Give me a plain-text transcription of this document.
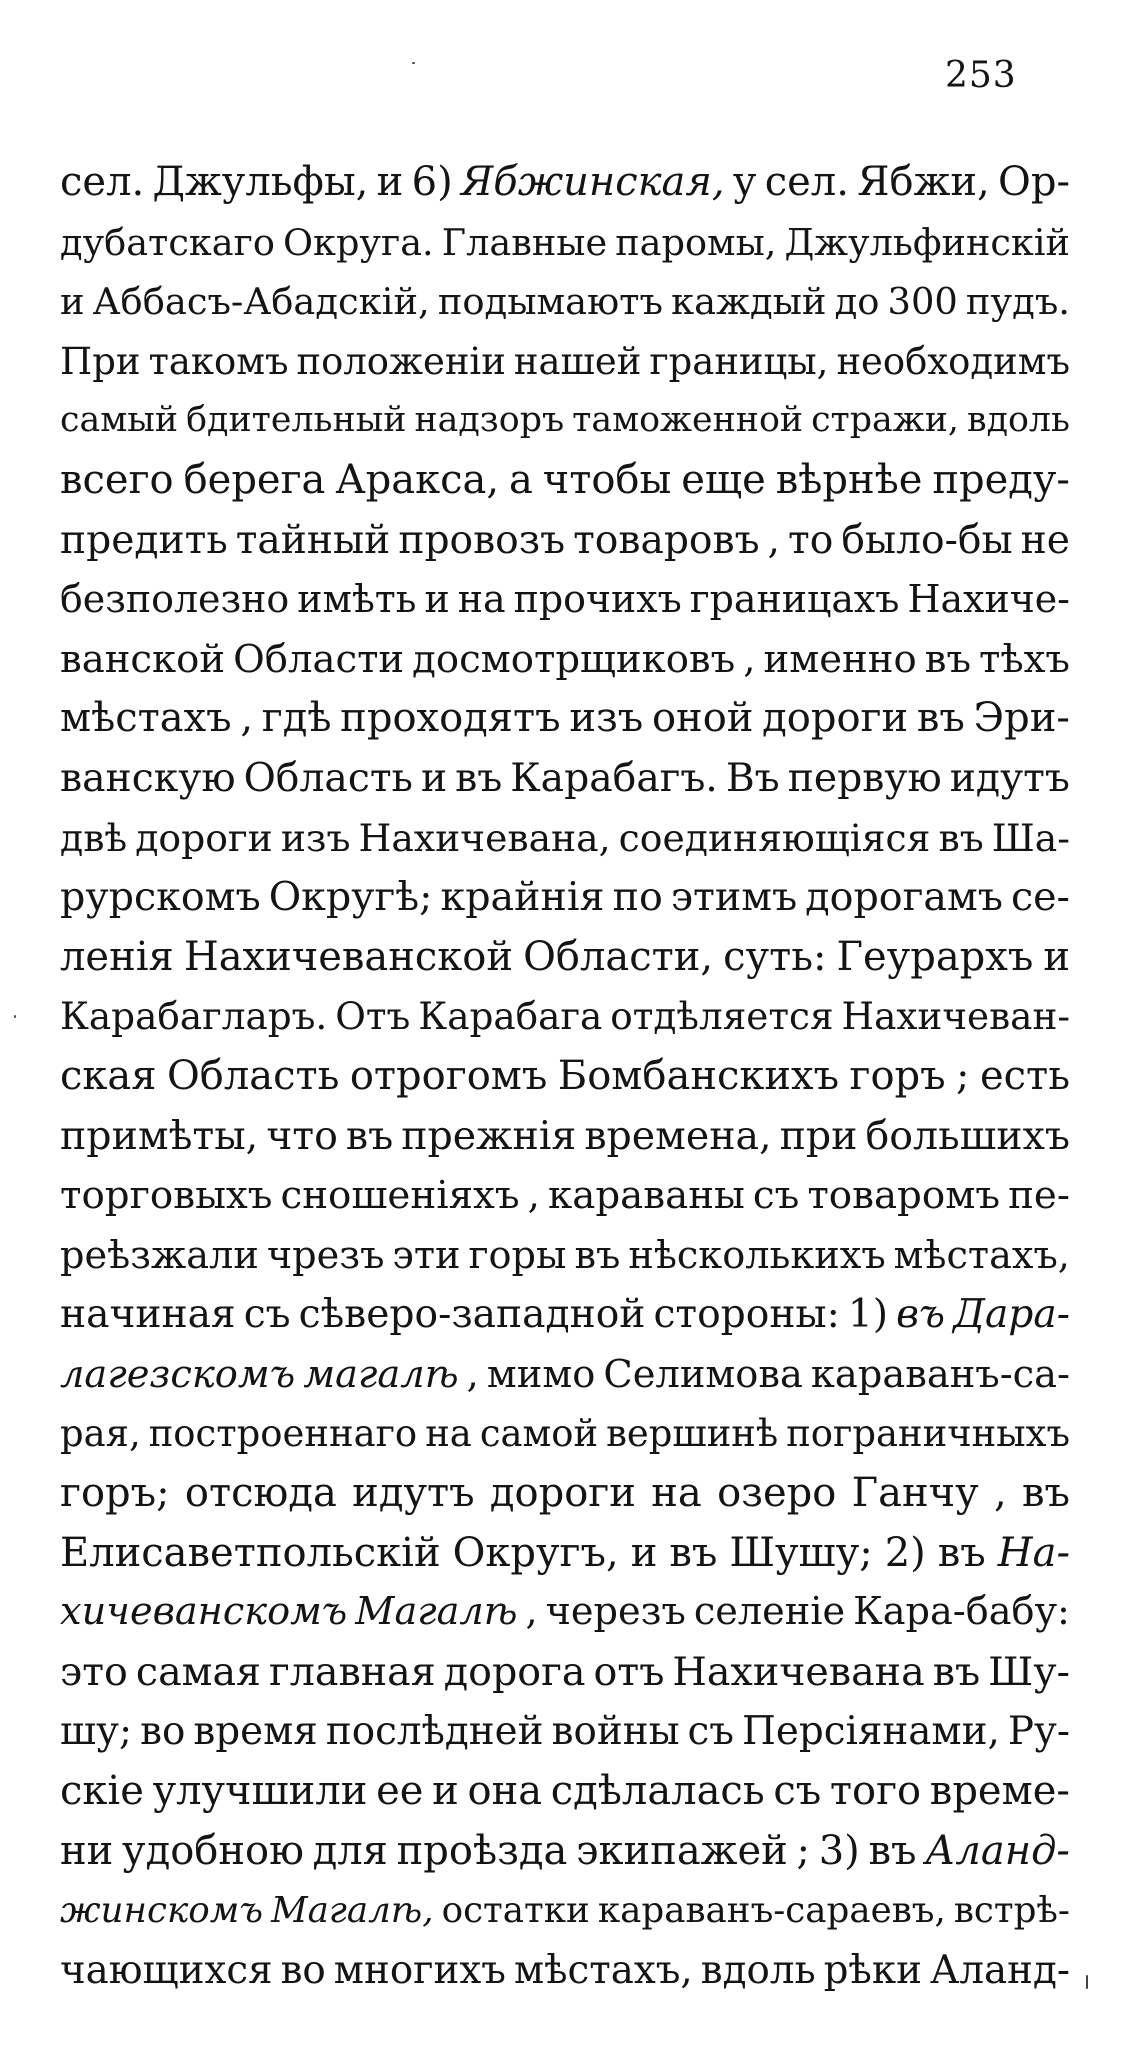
253
сел. Джульфы, и 6) Ябжинская, у сел. Ябжи, Ор-
дубатскаго Округа. Главные паромы, Джульфинскій
и Аббасъ-Абадскій, подымаютъ каждый до 300 пудъ.
При такомъ положеніи нашей границы, необходимъ
самый бдительный надзоръ таможенной стражи, вдоль
всего берега Аракса, а чтобы еще вѣрнѣе преду-
предить тайный провозъ товаровъ , то было-бы не
безполезно имѣть и на прочихъ границахъ Нахиче-
ванской Области досмотрщиковъ , именно въ тѣхъ
мѣстахъ , гдѣ проходятъ изъ оной дороги въ Эри-
ванскую Область и въ Карабагъ. Въ первую идутъ
двѣ дороги изъ Нахичевана, соединяющіяся въ Ша-
рурскомъ Округѣ; крайнія по этимъ дорогамъ се-
ленія Нахичеванской Области, суть: Геурархъ и
Карабагларъ. Отъ Карабага отдѣляется Нахичеван-
ская Область отрогомъ Бомбанскихъ горъ ; есть
примѣты, что въ прежнія времена, при большихъ
торговыхъ сношеніяхъ , караваны съ товаромъ пе-
реѣзжали чрезъ эти горы въ нѣсколькихъ мѣстахъ,
начиная съ сѣверо-западной стороны: 1) въ Дара-
лагезскомъ магалѣ , мимо Селимова караванъ-са-
рая, построеннаго на самой вершинѣ пограничныхъ
горъ; отсюда идутъ дороги на озеро Ганчу , въ
Елисаветпольскій Округъ, и въ Шушу; 2) въ На-
хичеванскомъ Магалѣ , черезъ селеніе Кара-бабу:
это самая главная дорога отъ Нахичевана въ Шу-
шу; во время послѣдней войны съ Персіянами, Ру-
скіе улучшили ее и она сдѣлалась съ того време-
ни удобною для проѣзда экипажей ; 3) въ Аланд-
жинскомъ Магалѣ, остатки караванъ-сараевъ, встрѣ-
чающихся во многихъ мѣстахъ, вдоль рѣки Аланд-
